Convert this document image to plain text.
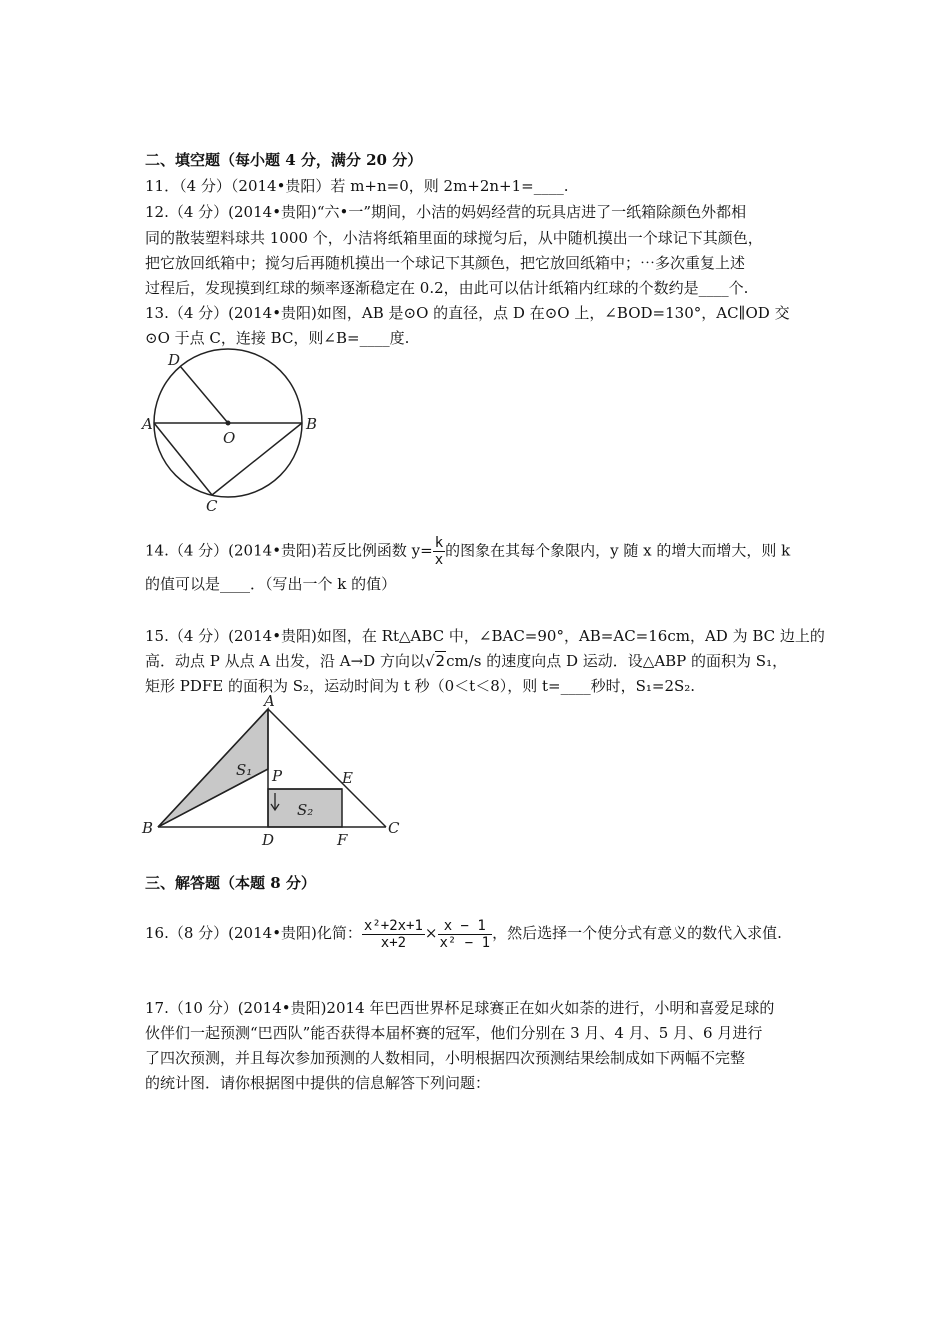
二、填空题（每小题 4 分，满分 20 分）
11．（4 分）（2014•贵阳）若 m+n=0，则 2m+2n+1=____.
12.（4 分）(2014•贵阳)“六•一”期间，小洁的妈妈经营的玩具店进了一纸箱除颜色外都相
同的散装塑料球共 1000 个，小洁将纸箱里面的球搅匀后，从中随机摸出一个球记下其颜色，
把它放回纸箱中；搅匀后再随机摸出一个球记下其颜色，把它放回纸箱中；⋯多次重复上述
过程后，发现摸到红球的频率逐渐稳定在 0.2，由此可以估计纸箱内红球的个数约是____个.
13.（4 分）(2014•贵阳)如图，AB 是⊙O 的直径，点 D 在⊙O 上，∠BOD=130°，AC∥OD 交
⊙O 于点 C，连接 BC，则∠B=____度.
D
A
O
B
C
14.（4 分）(2014•贵阳)若反比例函数 $y= \frac{k}{x}$ 的图象在其每个象限内，y 随 x 的增大而增大，则 k
的值可以是____．（写出一个 k 的值）
15.（4 分）(2014•贵阳)如图，在 Rt△ABC 中，∠BAC=90°，AB=AC=16cm，AD 为 BC 边上的
高．动点 P 从点 A 出发，沿 A→D 方向以√2cm/s 的速度向点 D 运动．设△ABP 的面积为 S₁，
矩形 PDFE 的面积为 S₂，运动时间为 t 秒（0＜t＜8），则 t=____秒时，S₁=2S₂.
A
B	C
D	F
E
P
S₁
S₂
三、解答题（本题 8 分）
16.（8 分）(2014•贵阳)化简： $\frac{\text{x²+2x+1}}{x+2} \times \frac{x - 1}{\text{x² − 1}}$ ，然后选择一个使分式有意义的数代入求值.
17.（10 分）(2014•贵阳)2014 年巴西世界杯足球赛正在如火如荼的进行，小明和喜爱足球的
伙伴们一起预测“巴西队”能否获得本届杯赛的冠军，他们分别在 3 月、4 月、5 月、6 月进行
了四次预测，并且每次参加预测的人数相同，小明根据四次预测结果绘制成如下两幅不完整
的统计图．请你根据图中提供的信息解答下列问题：
